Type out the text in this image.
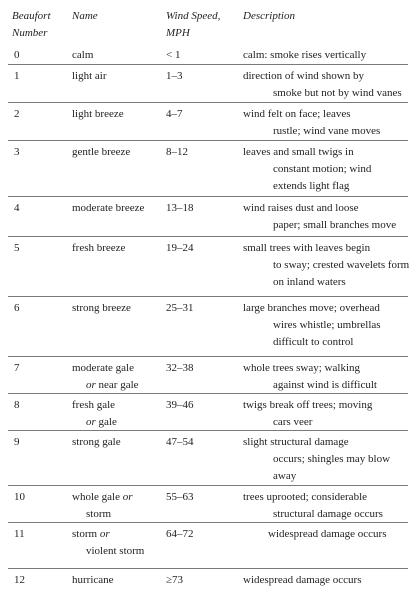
Beaufort
Number
Name	Wind Speed,
MPH
Description
0	calm	< 1	calm: smoke rises vertically
1	light air	1–3	direction of wind shown by
smoke but not by wind vanes
2	light breeze	4–7	wind felt on face; leaves
rustle; wind vane moves
3	gentle breeze	8–12	leaves and small twigs in
constant motion; wind
extends light flag
4	moderate breeze	13–18	wind raises dust and loose
paper; small branches move
5	fresh breeze	19–24	small trees with leaves begin
to sway; crested wavelets form
on inland waters
6	strong breeze	25–31	large branches move; overhead
wires whistle; umbrellas
difficult to control
7	moderate gale
or near gale
32–38	whole trees sway; walking
against wind is difficult
8	fresh gale
or gale
39–46	twigs break off trees; moving
cars veer
9	strong gale	47–54	slight structural damage
occurs; shingles may blow
away
10	whole gale or
storm
55–63	trees uprooted; considerable
structural damage occurs
11	storm or
violent storm
64–72	widespread damage occurs
12	hurricane	≥73	widespread damage occurs
